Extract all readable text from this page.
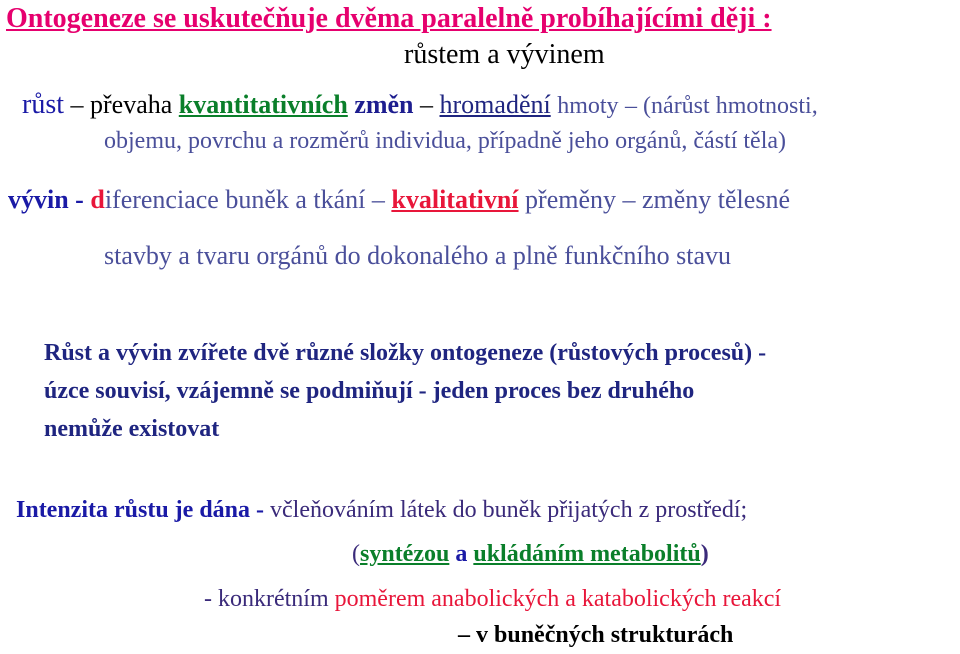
Ontogeneze se uskutečňuje dvěma paralelně probíhajícími ději :
růstem a vývinem
růst – převaha kvantitativních změn – hromadění hmoty – (nárůst hmotnosti,
objemu, povrchu a rozměrů individua, případně jeho orgánů, částí těla)
vývin - diferenciace buněk a tkání – kvalitativní přeměny – změny tělesné
stavby a tvaru orgánů do dokonalého a plně funkčního stavu
Růst a vývin zvířete dvě různé složky ontogeneze (růstových procesů) -
úzce souvisí, vzájemně se podmiňují - jeden proces bez druhého
nemůže existovat
Intenzita růstu je dána - včleňováním látek do buněk přijatých z prostředí;
(syntézou a ukládáním metabolitů)
- konkrétním poměrem anabolických a katabolických reakcí
– v buněčných strukturách
